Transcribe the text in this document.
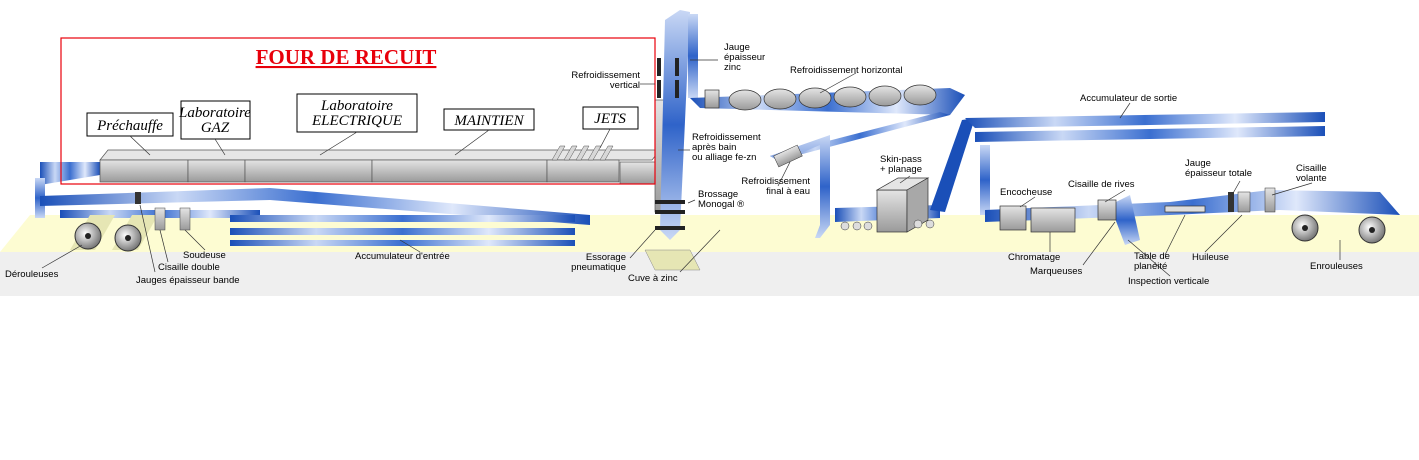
Préchauffe
Laboratoire GAZ
Laboratoire ELECTRIQUE	MAINTIEN	JETS
FOUR DE RECUIT
Dérouleuses
Cisaille double
Jauges épaisseur bande
Soudeuse	Accumulateur d'entrée
Refroidissement vertical
Jauge épaisseur zinc	Refroidissement horizontal
Refroidissement après bain ou alliage fe-zn
Refroidissement final à eau
Brossage Monogal ®
Essorage pneumatique
Cuve à zinc
Skin-pass + planage
Accumulateur de sortie
Encocheuse
Cisaille de rives
Jauge épaisseur totale	Cisaille volante
Chromatage
Marqueuses
Table de planéité
Huileuse
Inspection verticale
Enrouleuses
